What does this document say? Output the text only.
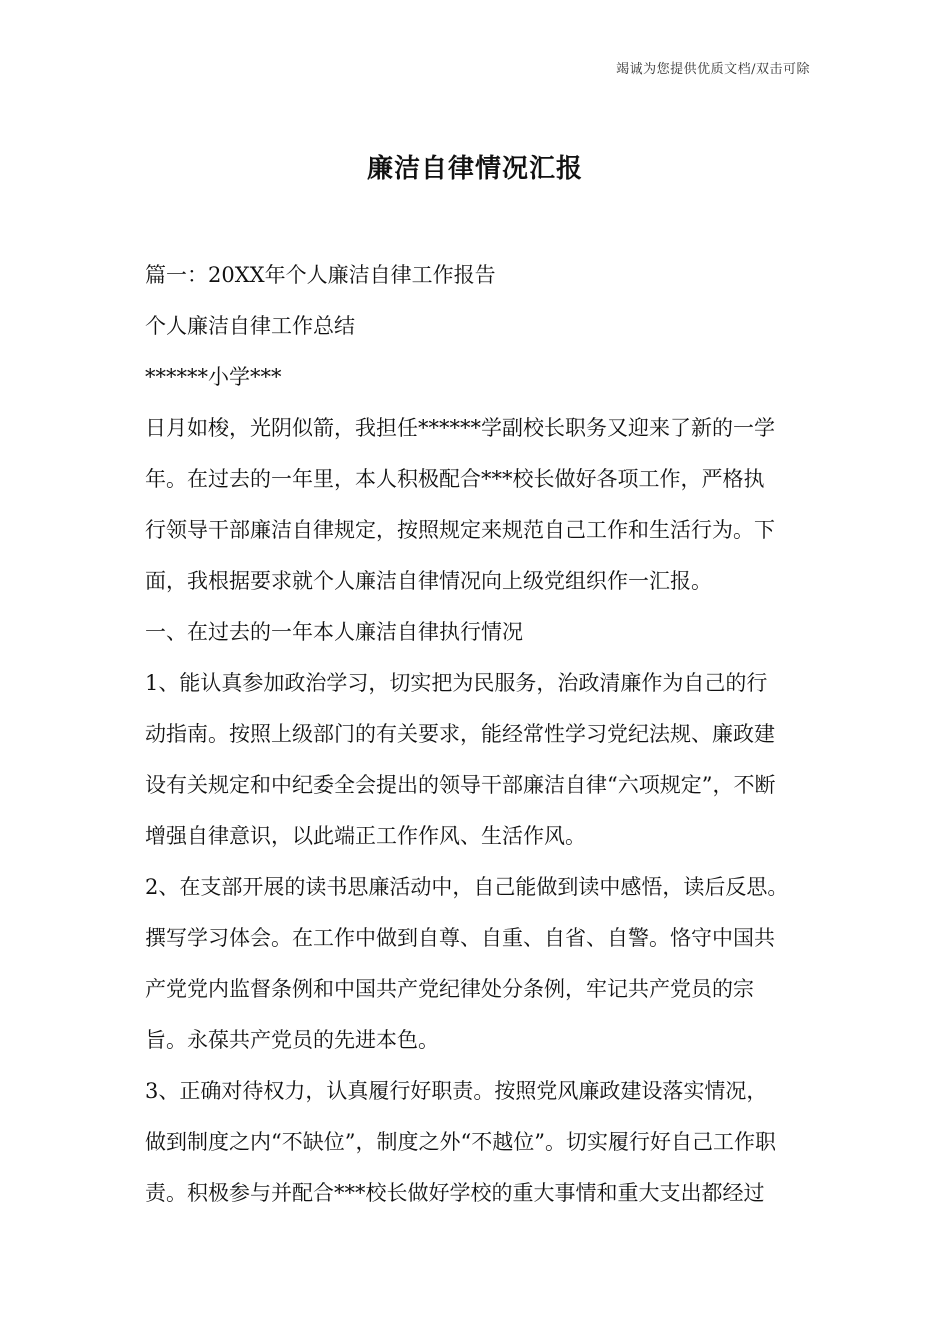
竭诚为您提供优质文档/双击可除
廉洁自律情况汇报

篇一：20XX年个人廉洁自律工作报告

个人廉洁自律工作总结

******小学***

日月如梭，光阴似箭，我担任******学副校长职务又迎来了新的一学

年。在过去的一年里，本人积极配合***校长做好各项工作，严格执

行领导干部廉洁自律规定，按照规定来规范自己工作和生活行为。下

面，我根据要求就个人廉洁自律情况向上级党组织作一汇报。

一、在过去的一年本人廉洁自律执行情况

1、能认真参加政治学习，切实把为民服务，治政清廉作为自己的行

动指南。按照上级部门的有关要求，能经常性学习党纪法规、廉政建

设有关规定和中纪委全会提出的领导干部廉洁自律“六项规定”，不断

增强自律意识，以此端正工作作风、生活作风。

2、在支部开展的读书思廉活动中，自己能做到读中感悟，读后反思。

撰写学习体会。在工作中做到自尊、自重、自省、自警。恪守中国共

产党党内监督条例和中国共产党纪律处分条例，牢记共产党员的宗

旨。永葆共产党员的先进本色。

3、正确对待权力，认真履行好职责。按照党风廉政建设落实情况，

做到制度之内“不缺位”，制度之外“不越位”。切实履行好自己工作职

责。积极参与并配合***校长做好学校的重大事情和重大支出都经过
